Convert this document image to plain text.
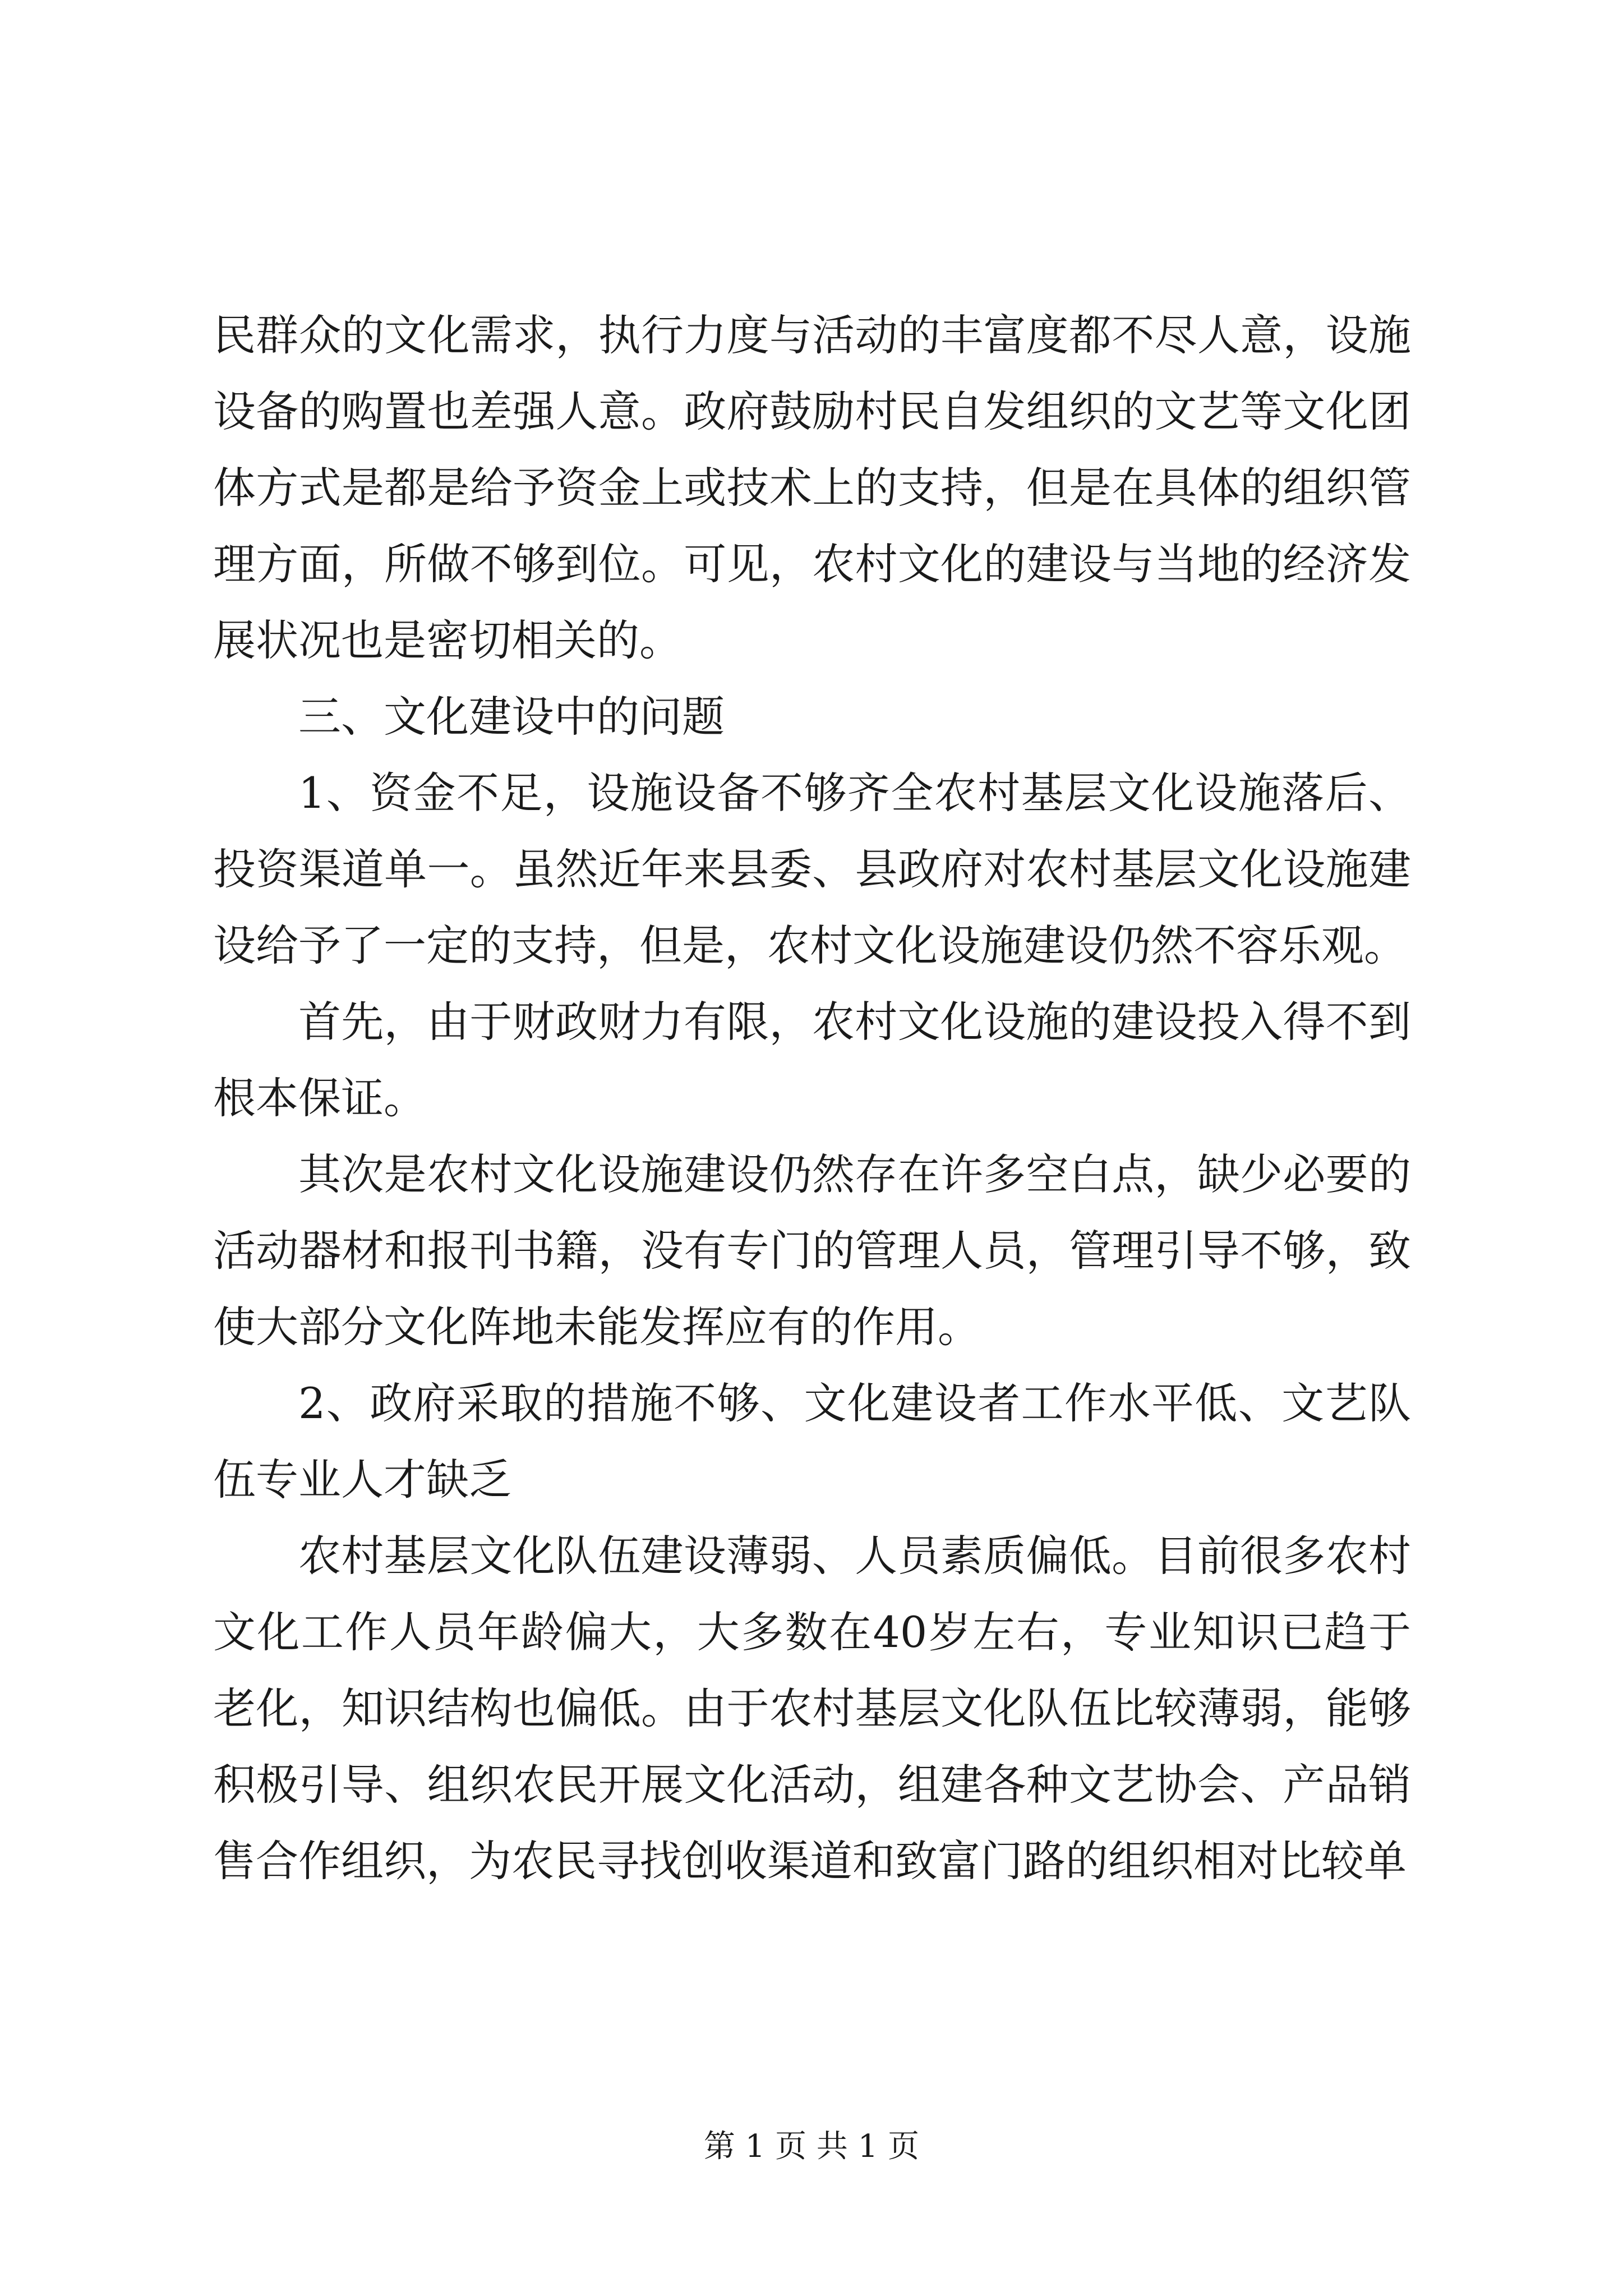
民群众的文化需求，执行力度与活动的丰富度都不尽人意，设施设备的购置也差强人意。政府鼓励村民自发组织的文艺等文化团体方式是都是给予资金上或技术上的支持，但是在具体的组织管理方面，所做不够到位。可见，农村文化的建设与当地的经济发展状况也是密切相关的。

三、文化建设中的问题

1、资金不足，设施设备不够齐全农村基层文化设施落后、投资渠道单一。虽然近年来县委、县政府对农村基层文化设施建设给予了一定的支持，但是，农村文化设施建设仍然不容乐观。

首先，由于财政财力有限，农村文化设施的建设投入得不到根本保证。

其次是农村文化设施建设仍然存在许多空白点，缺少必要的活动器材和报刊书籍，没有专门的管理人员，管理引导不够，致使大部分文化阵地未能发挥应有的作用。

2、政府采取的措施不够、文化建设者工作水平低、文艺队伍专业人才缺乏

农村基层文化队伍建设薄弱、人员素质偏低。目前很多农村文化工作人员年龄偏大，大多数在40岁左右，专业知识已趋于老化，知识结构也偏低。由于农村基层文化队伍比较薄弱，能够积极引导、组织农民开展文化活动，组建各种文艺协会、产品销售合作组织，为农民寻找创收渠道和致富门路的组织相对比较单

第 1 页 共 1 页
